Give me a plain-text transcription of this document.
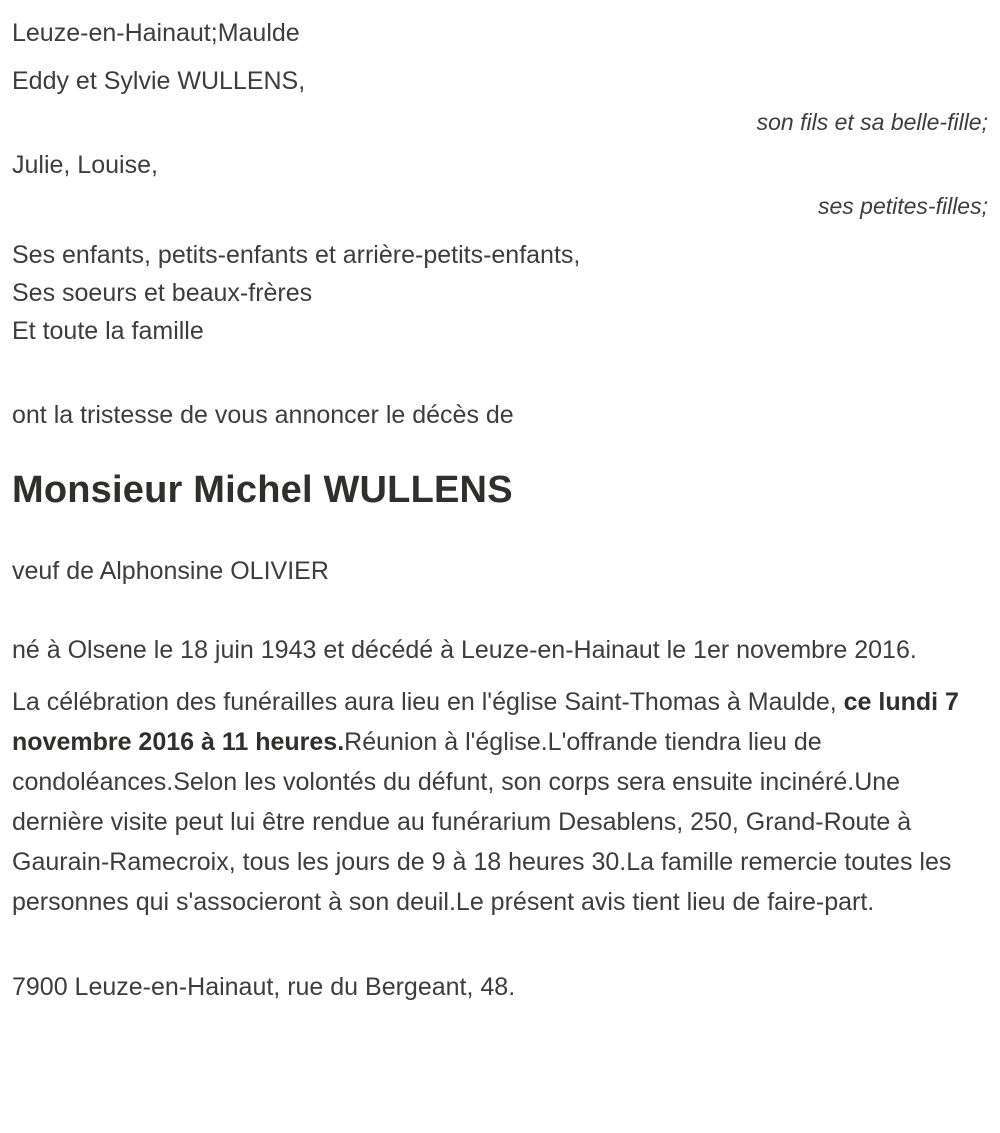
Leuze-en-Hainaut;Maulde
Eddy et Sylvie WULLENS,
son fils et sa belle-fille;
Julie, Louise,
ses petites-filles;
Ses enfants, petits-enfants et arrière-petits-enfants,
Ses soeurs et beaux-frères
Et toute la famille
ont la tristesse de vous annoncer le décès de
Monsieur Michel WULLENS
veuf de Alphonsine OLIVIER
né à Olsene le 18 juin 1943 et décédé à Leuze-en-Hainaut le 1er novembre 2016.
La célébration des funérailles aura lieu en l'église Saint-Thomas à Maulde, ce lundi 7 novembre 2016 à 11 heures.Réunion à l'église.L'offrande tiendra lieu de condoléances.Selon les volontés du défunt, son corps sera ensuite incinéré.Une dernière visite peut lui être rendue au funérarium Desablens, 250, Grand-Route à Gaurain-Ramecroix, tous les jours de 9 à 18 heures 30.La famille remercie toutes les personnes qui s'associeront à son deuil.Le présent avis tient lieu de faire-part.
7900 Leuze-en-Hainaut, rue du Bergeant, 48.
